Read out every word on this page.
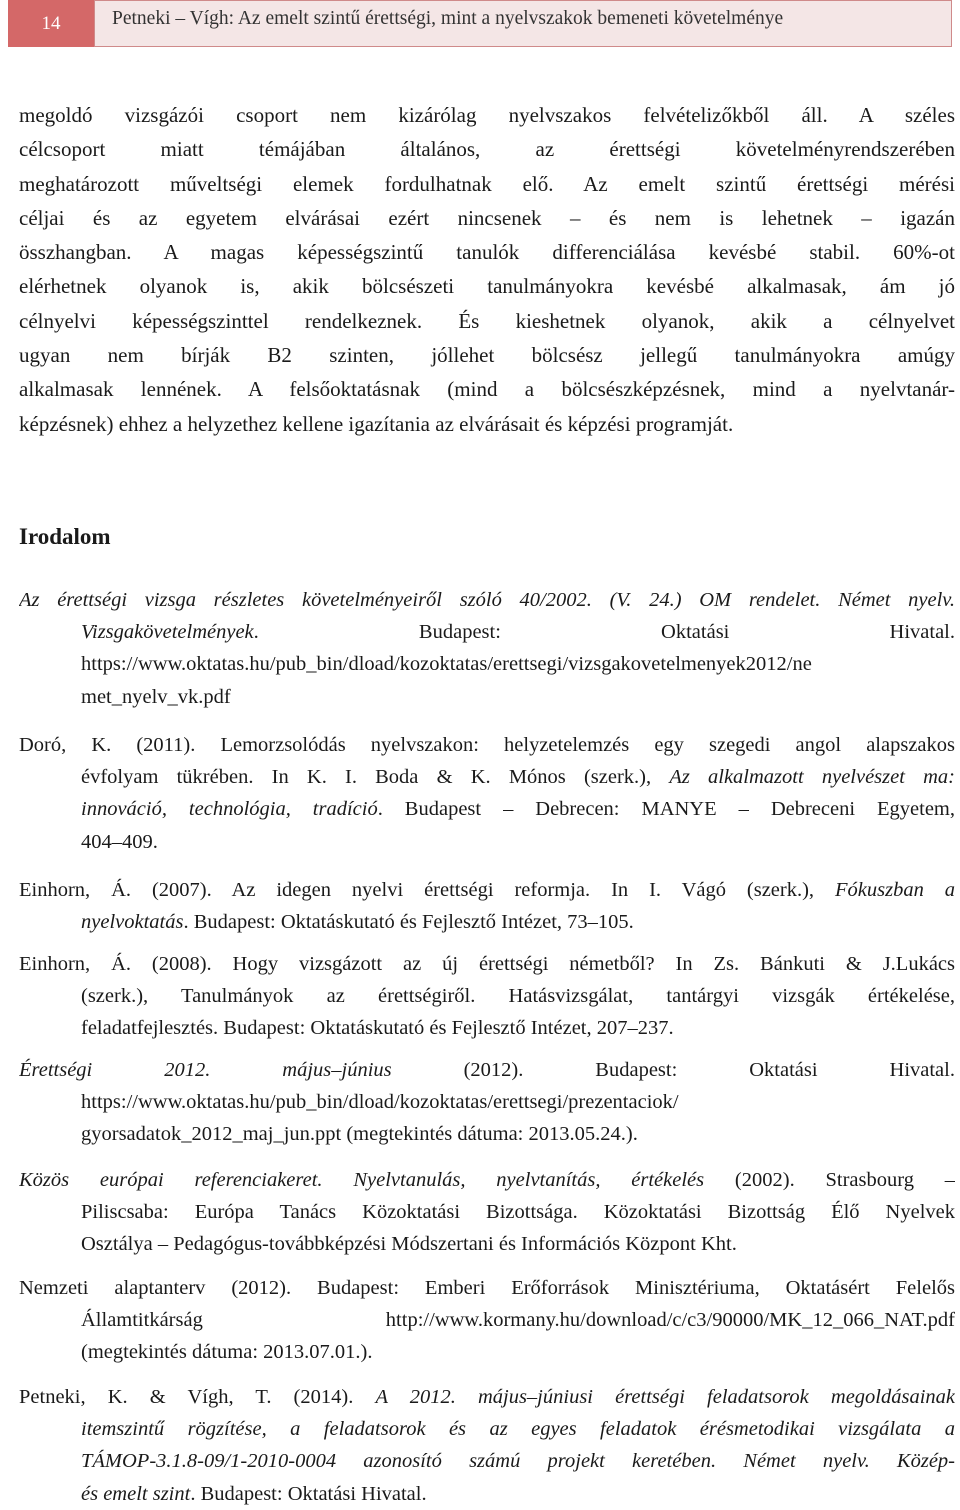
14	Petneki – Vígh: Az emelt szintű érettségi, mint a nyelvszakok bemeneti követelménye
megoldó vizsgázói csoport nem kizárólag nyelvszakos felvételizőkből áll. A széles
célcsoport miatt témájában általános, az érettségi követelményrendszerében
meghatározott műveltségi elemek fordulhatnak elő. Az emelt szintű érettségi mérési
céljai és az egyetem elvárásai ezért nincsenek – és nem is lehetnek – igazán
összhangban. A magas képességszintű tanulók differenciálása kevésbé stabil. 60%-ot
elérhetnek olyanok is, akik bölcsészeti tanulmányokra kevésbé alkalmasak, ám jó
célnyelvi képességszinttel rendelkeznek. És kieshetnek olyanok, akik a célnyelvet
ugyan nem bírják B2 szinten, jóllehet bölcsész jellegű tanulmányokra amúgy
alkalmasak lennének. A felsőoktatásnak (mind a bölcsészképzésnek, mind a nyelvtanár-
képzésnek) ehhez a helyzethez kellene igazítania az elvárásait és képzési programját.
Irodalom
Az érettségi vizsga részletes követelményeiről szóló 40/2002. (V. 24.) OM rendelet. Német nyelv.
Vizsgakövetelmények. Budapest: Oktatási Hivatal.
https://www.oktatas.hu/pub_bin/dload/kozoktatas/erettsegi/vizsgakovetelmenyek2012/ne
met_nyelv_vk.pdf
Doró, K. (2011). Lemorzsolódás nyelvszakon: helyzetelemzés egy szegedi angol alapszakos
évfolyam tükrében. In K. I. Boda & K. Mónos (szerk.), Az alkalmazott nyelvészet ma:
innováció, technológia, tradíció. Budapest – Debrecen: MANYE – Debreceni Egyetem,
404–409.
Einhorn, Á. (2007). Az idegen nyelvi érettségi reformja. In I. Vágó (szerk.), Fókuszban a
nyelvoktatás. Budapest: Oktatáskutató és Fejlesztő Intézet, 73–105.
Einhorn, Á. (2008). Hogy vizsgázott az új érettségi németből? In Zs. Bánkuti & J.Lukács
(szerk.), Tanulmányok az érettségiről. Hatásvizsgálat, tantárgyi vizsgák értékelése,
feladatfejlesztés. Budapest: Oktatáskutató és Fejlesztő Intézet, 207–237.
Érettségi 2012. május–június (2012). Budapest: Oktatási Hivatal.
https://www.oktatas.hu/pub_bin/dload/kozoktatas/erettsegi/prezentaciok/
gyorsadatok_2012_maj_jun.ppt (megtekintés dátuma: 2013.05.24.).
Közös európai referenciakeret. Nyelvtanulás, nyelvtanítás, értékelés (2002). Strasbourg –
Piliscsaba: Európa Tanács Közoktatási Bizottsága. Közoktatási Bizottság Élő Nyelvek
Osztálya – Pedagógus-továbbképzési Módszertani és Információs Központ Kht.
Nemzeti alaptanterv (2012). Budapest: Emberi Erőforrások Minisztériuma, Oktatásért Felelős
Államtitkárság http://www.kormany.hu/download/c/c3/90000/MK_12_066_NAT.pdf
(megtekintés dátuma: 2013.07.01.).
Petneki, K. & Vígh, T. (2014). A 2012. május–júniusi érettségi feladatsorok megoldásainak
itemszintű rögzítése, a feladatsorok és az egyes feladatok érésmetodikai vizsgálata a
TÁMOP-3.1.8-09/1-2010-0004 azonosító számú projekt keretében. Német nyelv. Közép-
és emelt szint. Budapest: Oktatási Hivatal.
